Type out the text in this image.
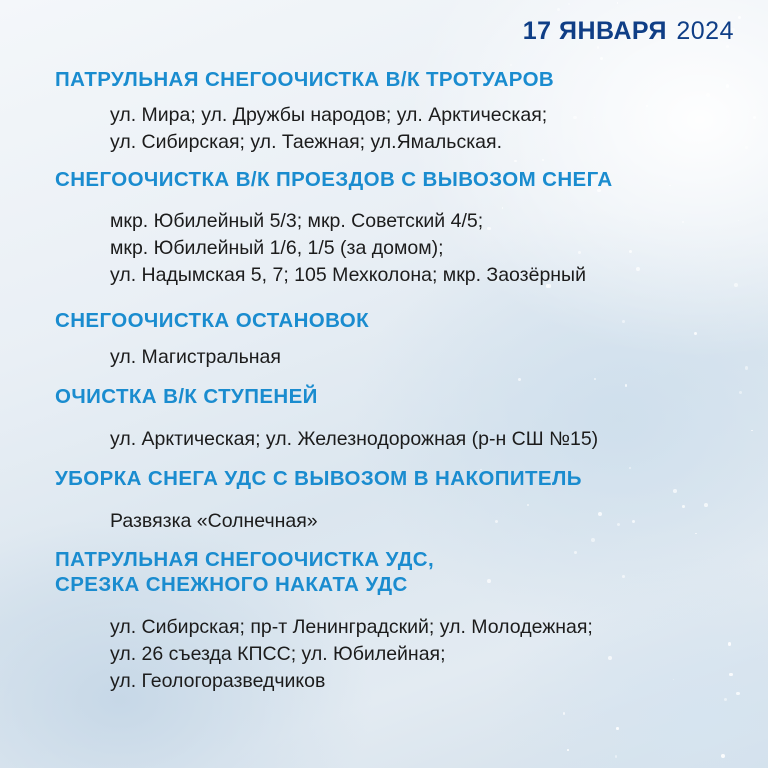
17 ЯНВАРЯ 2024
ПАТРУЛЬНАЯ СНЕГООЧИСТКА В/К ТРОТУАРОВ
ул. Мира; ул. Дружбы народов; ул. Арктическая;
ул. Сибирская; ул. Таежная; ул.Ямальская.
СНЕГООЧИСТКА В/К ПРОЕЗДОВ С ВЫВОЗОМ СНЕГА
мкр. Юбилейный 5/3; мкр. Советский 4/5;
мкр. Юбилейный 1/6, 1/5 (за домом);
ул. Надымская 5, 7; 105 Мехколона; мкр. Заозёрный
СНЕГООЧИСТКА ОСТАНОВОК
ул. Магистральная
ОЧИСТКА В/К СТУПЕНЕЙ
ул. Арктическая; ул. Железнодорожная (р-н СШ №15)
УБОРКА СНЕГА УДС С ВЫВОЗОМ В НАКОПИТЕЛЬ
Развязка «Солнечная»
ПАТРУЛЬНАЯ СНЕГООЧИСТКА УДС,
СРЕЗКА СНЕЖНОГО НАКАТА УДС
ул. Сибирская; пр-т Ленинградский; ул. Молодежная;
ул. 26 съезда КПСС; ул. Юбилейная;
ул. Геологоразведчиков
